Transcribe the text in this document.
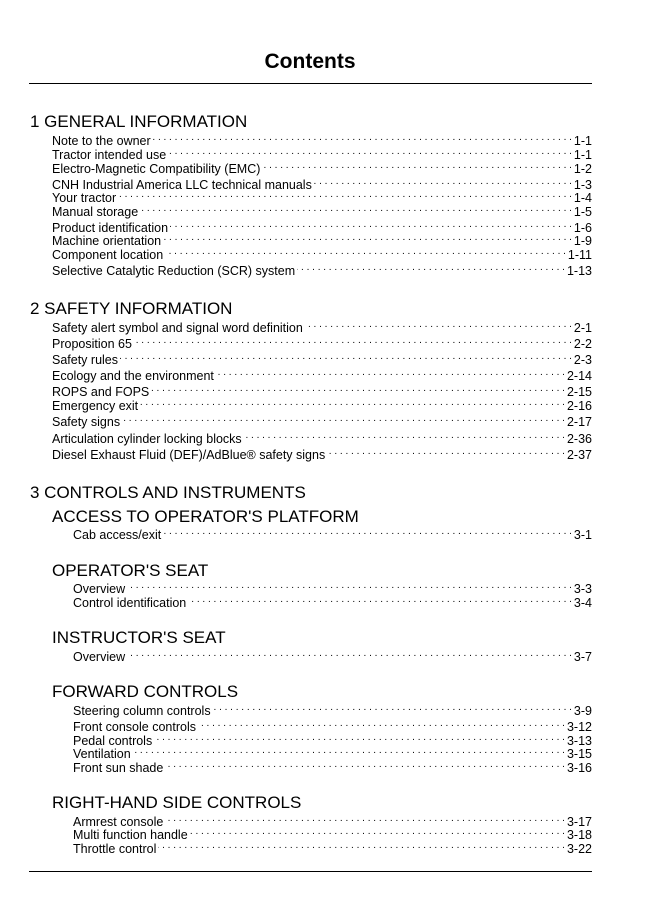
Contents
1 GENERAL INFORMATION
Note to the owner . . .	1-1
Tractor intended use . . .	1-1
Electro-Magnetic Compatibility (EMC) . . .	1-2
CNH Industrial America LLC technical manuals . . .	1-3
Your tractor . . .	1-4
Manual storage . . .	1-5
Product identification . . .	1-6
Machine orientation . . .	1-9
Component location . . .	1-11
Selective Catalytic Reduction (SCR) system . . .	1-13
2 SAFETY INFORMATION
Safety alert symbol and signal word definition . . .	2-1
Proposition 65 . . .	2-2
Safety rules . . .	2-3
Ecology and the environment . . .	2-14
ROPS and FOPS . . .	2-15
Emergency exit . . .	2-16
Safety signs . . .	2-17
Articulation cylinder locking blocks . . .	2-36
Diesel Exhaust Fluid (DEF)/AdBlue® safety signs . . .	2-37
3 CONTROLS AND INSTRUMENTS
ACCESS TO OPERATOR'S PLATFORM
Cab access/exit . . .	3-1
OPERATOR'S SEAT
Overview . . .	3-3
Control identification . . .	3-4
INSTRUCTOR'S SEAT
Overview . . .	3-7
FORWARD CONTROLS
Steering column controls . . .	3-9
Front console controls . . .	3-12
Pedal controls . . .	3-13
Ventilation . . .	3-15
Front sun shade . . .	3-16
RIGHT-HAND SIDE CONTROLS
Armrest console . . .	3-17
Multi function handle . . .	3-18
Throttle control . . .	3-22
